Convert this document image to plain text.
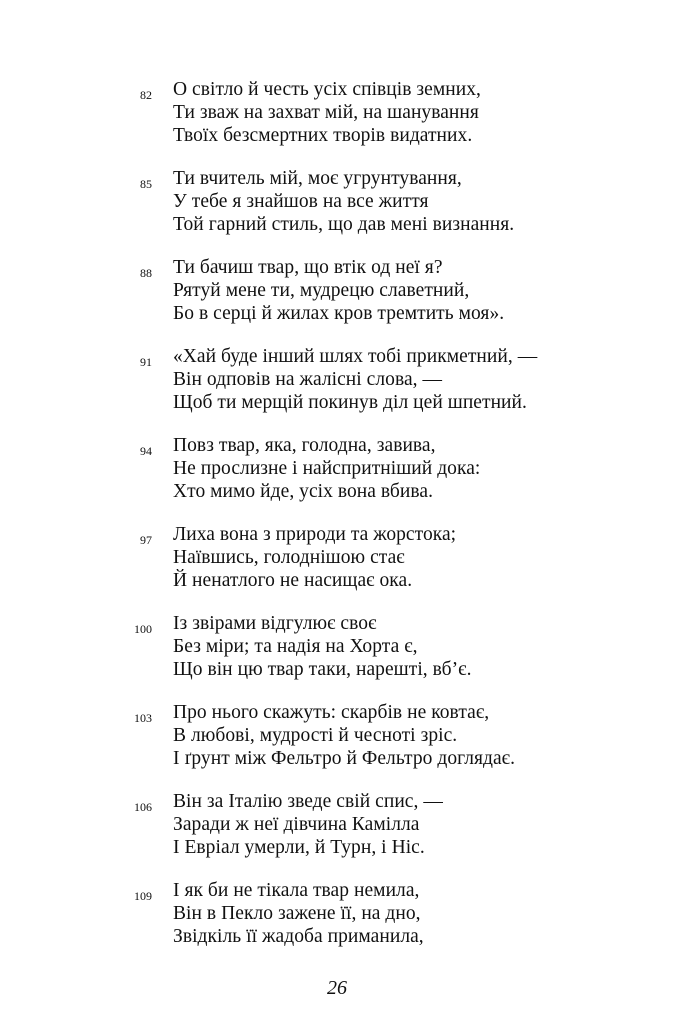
82 О світло й честь усіх співців земних,
Ти зваж на захват мій, на шанування
Твоїх безсмертних творів видатних.
85 Ти вчитель мій, моє угрунтування,
У тебе я знайшов на все життя
Той гарний стиль, що дав мені визнання.
88 Ти бачиш твар, що втік од неї я?
Рятуй мене ти, мудрецю славетний,
Бо в серці й жилах кров тремтить моя».
91 «Хай буде інший шлях тобі прикметний, —
Він одповів на жалісні слова, —
Щоб ти мерщій покинув діл цей шпетний.
94 Повз твар, яка, голодна, завива,
Не прослизне і найспритніший дока:
Хто мимо йде, усіх вона вбива.
97 Лиха вона з природи та жорстока;
Наївшись, голоднішою стає
Й ненатлого не насищає ока.
100 Із звірами відгулює своє
Без міри; та надія на Хорта є,
Що він цю твар таки, нарешті, вб’є.
103 Про нього скажуть: скарбів не ковтає,
В любові, мудрості й чесноті зріс.
І ґрунт між Фельтро й Фельтро доглядає.
106 Він за Італію зведе свій спис, —
Заради ж неї дівчина Камілла
І Евріал умерли, й Турн, і Ніс.
109 І як би не тікала твар немила,
Він в Пекло зажене її, на дно,
Звідкіль її жадоба приманила,
26
